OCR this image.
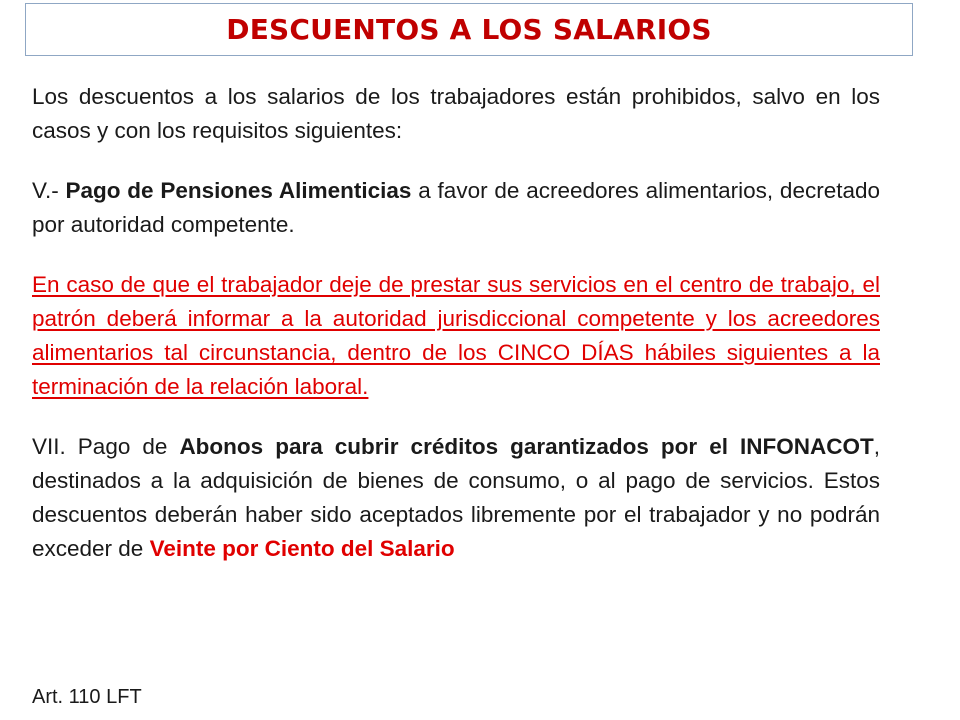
DESCUENTOS A LOS SALARIOS

Los descuentos a los salarios de los trabajadores están prohibidos, salvo en los casos y con los requisitos siguientes:

V.- Pago de Pensiones Alimenticias a favor de acreedores alimentarios, decretado por autoridad competente.

En caso de que el trabajador deje de prestar sus servicios en el centro de trabajo, el patrón deberá informar a la autoridad jurisdiccional competente y los acreedores alimentarios tal circunstancia, dentro de los CINCO DÍAS hábiles siguientes a la terminación de la relación laboral.

VII. Pago de Abonos para cubrir créditos garantizados por el INFONACOT, destinados a la adquisición de bienes de consumo, o al pago de servicios. Estos descuentos deberán haber sido aceptados libremente por el trabajador y no podrán exceder de Veinte por Ciento del Salario

Art. 110 LFT
